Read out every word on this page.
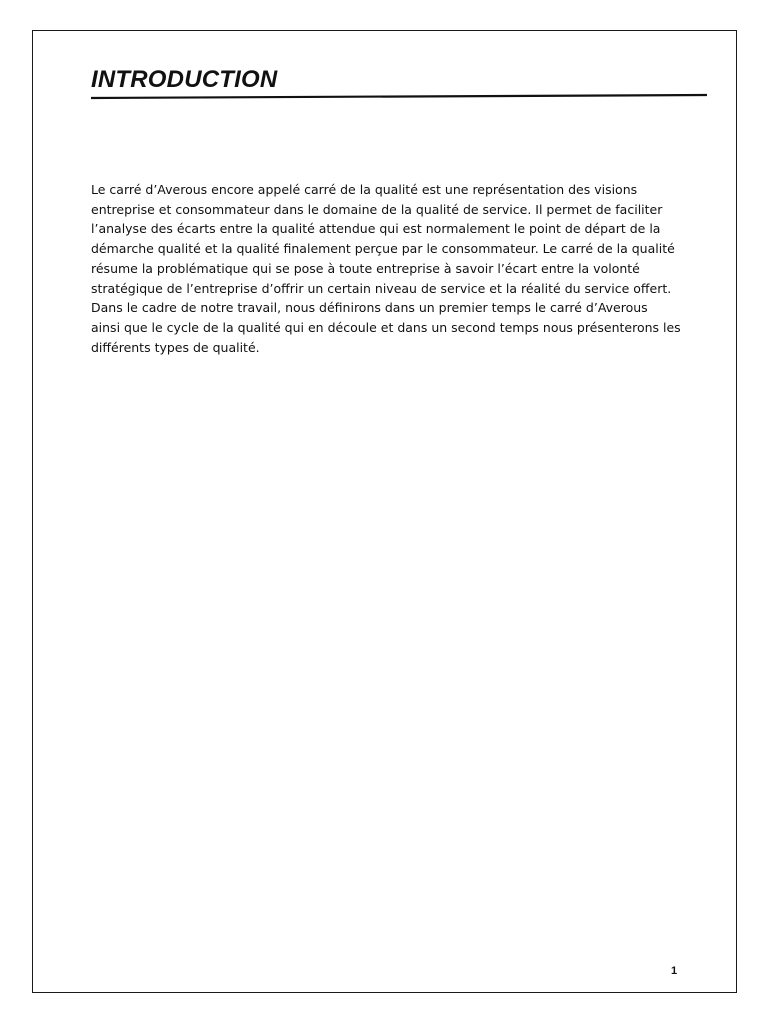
INTRODUCTION

Le carré d’Averous encore appelé carré de la qualité est une représentation des visions
entreprise et consommateur dans le domaine de la qualité de service. Il permet de faciliter
l’analyse des écarts entre la qualité attendue qui est normalement le point de départ de la
démarche qualité et la qualité finalement perçue par le consommateur. Le carré de la qualité
résume la problématique qui se pose à toute entreprise à savoir l’écart entre la volonté
stratégique de l’entreprise d’offrir un certain niveau de service et la réalité du service offert.
Dans le cadre de notre travail, nous définirons dans un premier temps le carré d’Averous
ainsi que le cycle de la qualité qui en découle et dans un second temps nous présenterons les
différents types de qualité.

1
